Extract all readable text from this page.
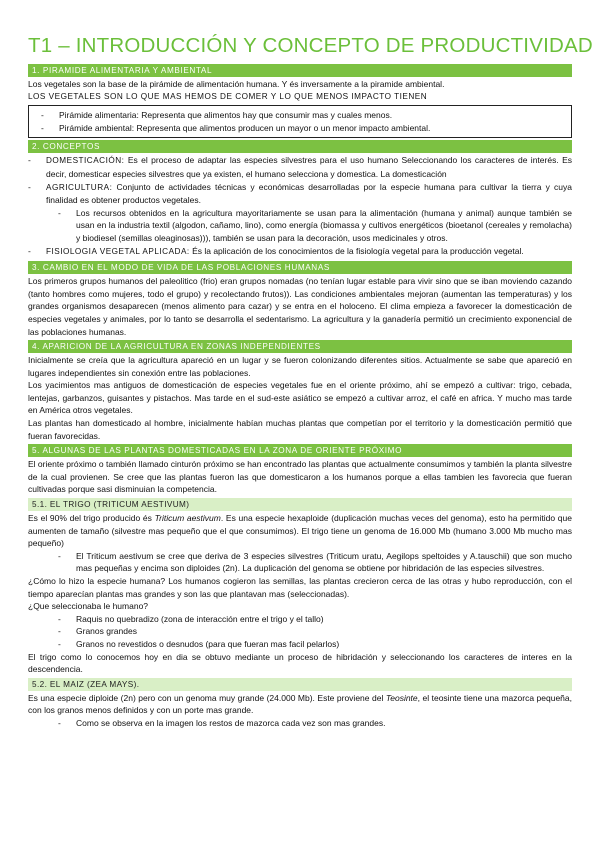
T1 – INTRODUCCIÓN Y CONCEPTO DE PRODUCTIVIDAD
1. PIRAMIDE ALIMENTARIA Y AMBIENTAL

Los vegetales son la base de la pirámide de alimentación humana. Y és inversamente a la piramide ambiental.

LOS VEGETALES SON LO QUE MAS HEMOS DE COMER Y LO QUE MENOS IMPACTO TIENEN

- Pirámide alimentaria: Representa que alimentos hay que consumir mas y cuales menos.
- Pirámide ambiental: Representa que alimentos producen un mayor o un menor impacto ambiental.
2. CONCEPTOS
- DOMESTICACIÓN: Es el proceso de adaptar las especies silvestres para el uso humano Seleccionando los caracteres de interés. Es decir, domesticar especies silvestres que ya existen, el humano selecciona y domestica. La domesticación
- AGRICULTURA: Conjunto de actividades técnicas y económicas desarrolladas por la especie humana para cultivar la tierra y cuya finalidad es obtener productos vegetales.
- Los recursos obtenidos en la agricultura mayoritariamente se usan para la alimentación (humana y animal) aunque también se usan en la industria textil (algodon, cañamo, lino), como energía (biomassa y cultivos energéticos (bioetanol (cereales y remolacha) y biodiesel (semillas oleaginosas))), también se usan para la decoración, usos medicinales y otros.
- FISIOLOGIA VEGETAL APLICADA: És la aplicación de los conocimientos de la fisiología vegetal para la producción vegetal.
3. CAMBIO EN EL MODO DE VIDA DE LAS POBLACIONES HUMANAS

Los primeros grupos humanos del paleolitico (frio) eran grupos nomadas (no tenían lugar estable para vivir sino que se iban moviendo cazando (tanto hombres como mujeres, todo el grupo) y recolectando frutos)). Las condiciones ambientales mejoran (aumentan las temperaturas) y los grandes organismos desaparecen (menos alimento para cazar) y se entra en el holoceno. El clima empieza a favorecer la domesticación de especies vegetales y animales, por lo tanto se desarrolla el sedentarismo. La agricultura y la ganadería permitió un crecimiento exponencial de las poblaciones humanas.

4. APARICION DE LA AGRICULTURA EN ZONAS INDEPENDIENTES

Inicialmente se creía que la agricultura apareció en un lugar y se fueron colonizando diferentes sitios. Actualmente se sabe que apareció en lugares independientes sin conexión entre las poblaciones.

Los yacimientos mas antiguos de domesticación de especies vegetales fue en el oriente próximo, ahí se empezó a cultivar: trigo, cebada, lentejas, garbanzos, guisantes y pistachos. Mas tarde en el sud-este asiático se empezó a cultivar arroz, el café en africa. Y mucho mas tarde en América otros vegetales.

Las plantas han domesticado al hombre, inicialmente habían muchas plantas que competían por el territorio y la domesticación permitió que fueran favorecidas.

5. ALGUNAS DE LAS PLANTAS DOMESTICADAS EN LA ZONA DE ORIENTE PRÓXIMO

El oriente próximo o también llamado cinturón próximo se han encontrado las plantas que actualmente consumimos y también la planta silvestre de la cual provienen. Se cree que las plantas fueron las que domesticaron a los humanos porque a ellas tambien les favorecia que fueran cultivadas porque sasi disminuian la competencia.

5.1. EL TRIGO (TRITICUM AESTIVUM)

Es el 90% del trigo producido és Triticum aestivum. Es una especie hexaploide (duplicación muchas veces del genoma), esto ha permitido que aumenten de tamaño (silvestre mas pequeño que el que consumimos). El trigo tiene un genoma de 16.000 Mb (humano 3.000 Mb mucho mas pequeño)

- El Triticum aestivum se cree que deriva de 3 especies silvestres (Triticum uratu, Aegilops speltoides y A.tauschii) que son mucho mas pequeñas y encima son diploides (2n). La duplicación del genoma se obtiene por hibridación de las especies silvestres.

¿Cómo lo hizo la especie humana? Los humanos cogieron las semillas, las plantas crecieron cerca de las otras y hubo reproducción, con el tiempo aparecían plantas mas grandes y son las que plantavan mas (seleccionadas).

¿Que seleccionaba le humano?

- Raquis no quebradizo (zona de interacción entre el trigo y el tallo)
- Granos grandes
- Granos no revestidos o desnudos (para que fueran mas facil pelarlos)

El trigo como lo conocemos hoy en dia se obtuvo mediante un proceso de hibridación y seleccionando los caracteres de interes en la descendencia.

5.2. EL MAIZ (ZEA MAYS).

Es una especie diploide (2n) pero con un genoma muy grande (24.000 Mb). Este proviene del Teosinte, el teosinte tiene una mazorca pequeña, con los granos menos definidos y con un porte mas grande.

- Como se observa en la imagen los restos de mazorca cada vez son mas grandes.
